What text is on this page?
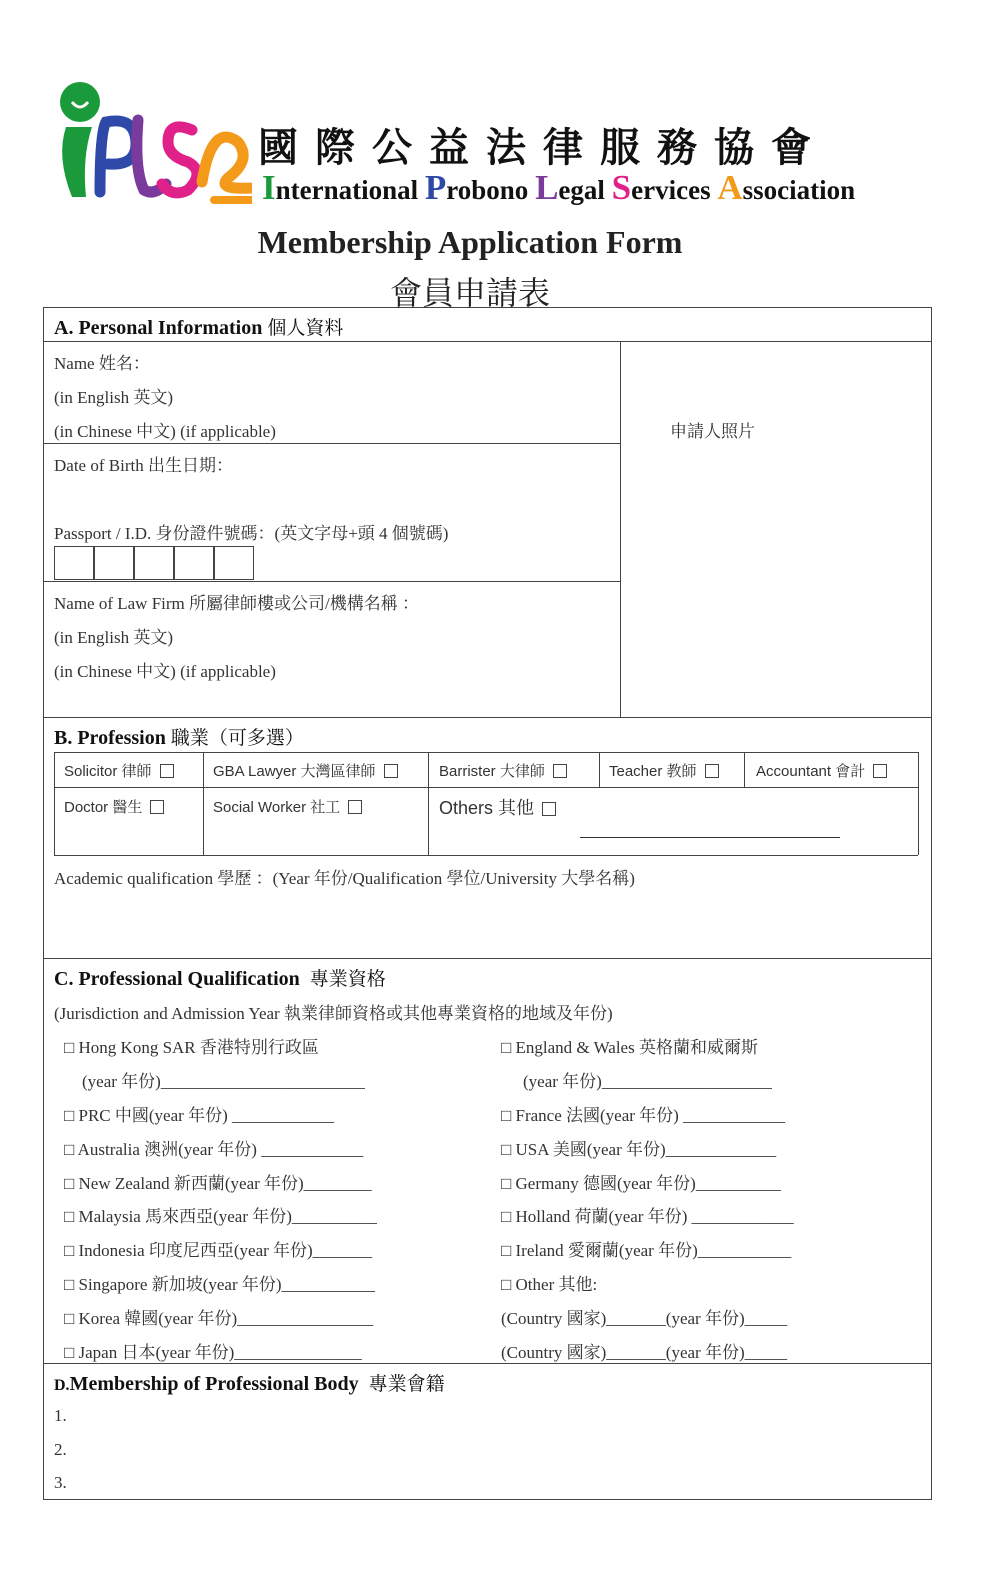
國際公益法律服務協會
International Probono Legal Services Association
Membership Application Form
會員申請表
A. Personal Information 個人資料
Name 姓名：
(in English 英文)
(in Chinese 中文) (if applicable)	申請人照片
Date of Birth 出生日期：
Passport / I.D. 身份證件號碼：(英文字母+頭 4 個號碼)
Name of Law Firm 所屬律師樓或公司/機構名稱 ：
(in English 英文)
(in Chinese 中文) (if applicable)
B. Profession 職業（可多選）
Solicitor 律師	GBA Lawyer 大灣區律師	Barrister 大律師	Teacher 教師	Accountant 會計
Doctor 醫生	Social Worker 社工	Others 其他
Academic qualification 學歷 ：(Year 年份/Qualification 學位/University 大學名稱)
C. Professional Qualification 專業資格
(Jurisdiction and Admission Year 執業律師資格或其他專業資格的地域及年份)
□ Hong Kong SAR 香港特別行政區
(year 年份)________________________
□ PRC 中國(year 年份) ____________
□ Australia 澳洲(year 年份) ____________
□ New Zealand 新西蘭(year 年份)________
□ Malaysia 馬來西亞(year 年份)__________
□ Indonesia 印度尼西亞(year 年份)_______
□ Singapore 新加坡(year 年份)___________
□ Korea 韓國(year 年份)________________
□ Japan 日本(year 年份)_______________
□ England & Wales 英格蘭和威爾斯
(year 年份)____________________
□ France 法國(year 年份) ____________
□ USA 美國(year 年份)_____________
□ Germany 德國(year 年份)__________
□ Holland 荷蘭(year 年份) ____________
□ Ireland 愛爾蘭(year 年份)___________
□ Other 其他:
(Country 國家)_______(year 年份)_____
(Country 國家)_______(year 年份)_____
D.Membership of Professional Body 專業會籍
1.
2.
3.
